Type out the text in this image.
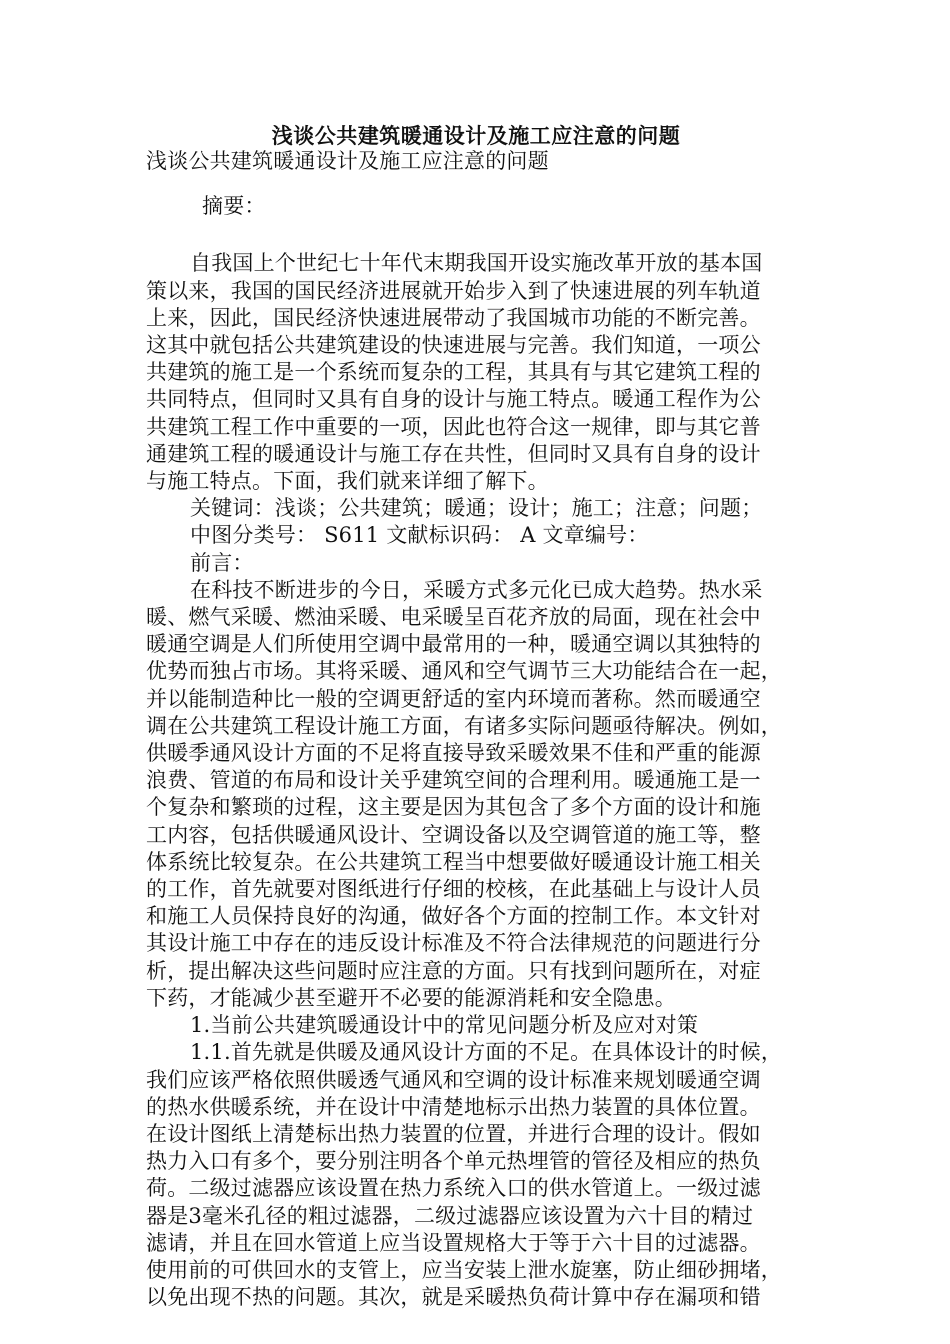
浅谈公共建筑暖通设计及施工应注意的问题
浅谈公共建筑暖通设计及施工应注意的问题
摘要：
自我国上个世纪七十年代末期我国开设实施改革开放的基本国
策以来，我国的国民经济进展就开始步入到了快速进展的列车轨道
上来，因此，国民经济快速进展带动了我国城市功能的不断完善。
这其中就包括公共建筑建设的快速进展与完善。我们知道，一项公
共建筑的施工是一个系统而复杂的工程，其具有与其它建筑工程的
共同特点，但同时又具有自身的设计与施工特点。暖通工程作为公
共建筑工程工作中重要的一项，因此也符合这一规律，即与其它普
通建筑工程的暖通设计与施工存在共性，但同时又具有自身的设计
与施工特点。下面，我们就来详细了解下。
关键词：浅谈；公共建筑；暖通；设计；施工；注意；问题；
中图分类号： S611 文献标识码： A 文章编号：
前言：
在科技不断进步的今日，采暖方式多元化已成大趋势。热水采
暖、燃气采暖、燃油采暖、电采暖呈百花齐放的局面，现在社会中
暖通空调是人们所使用空调中最常用的一种，暖通空调以其独特的
优势而独占市场。其将采暖、通风和空气调节三大功能结合在一起，
并以能制造种比一般的空调更舒适的室内环境而著称。然而暖通空
调在公共建筑工程设计施工方面，有诸多实际问题亟待解决。例如，
供暖季通风设计方面的不足将直接导致采暖效果不佳和严重的能源
浪费、管道的布局和设计关乎建筑空间的合理利用。暖通施工是一
个复杂和繁琐的过程，这主要是因为其包含了多个方面的设计和施
工内容，包括供暖通风设计、空调设备以及空调管道的施工等，整
体系统比较复杂。在公共建筑工程当中想要做好暖通设计施工相关
的工作，首先就要对图纸进行仔细的校核，在此基础上与设计人员
和施工人员保持良好的沟通，做好各个方面的控制工作。本文针对
其设计施工中存在的违反设计标准及不符合法律规范的问题进行分
析，提出解决这些问题时应注意的方面。只有找到问题所在，对症
下药，才能减少甚至避开不必要的能源消耗和安全隐患。
1.当前公共建筑暖通设计中的常见问题分析及应对对策
1.1.首先就是供暖及通风设计方面的不足。在具体设计的时候，
我们应该严格依照供暖透气通风和空调的设计标准来规划暖通空调
的热水供暖系统，并在设计中清楚地标示出热力装置的具体位置。
在设计图纸上清楚标出热力装置的位置，并进行合理的设计。假如
热力入口有多个，要分别注明各个单元热埋管的管径及相应的热负
荷。二级过滤器应该设置在热力系统入口的供水管道上。一级过滤
器是3毫米孔径的粗过滤器，二级过滤器应该设置为六十目的精过
滤请，并且在回水管道上应当设置规格大于等于六十目的过滤器。
使用前的可供回水的支管上，应当安装上泄水旋塞，防止细砂拥堵，
以免出现不热的问题。其次，就是采暖热负荷计算中存在漏项和错
